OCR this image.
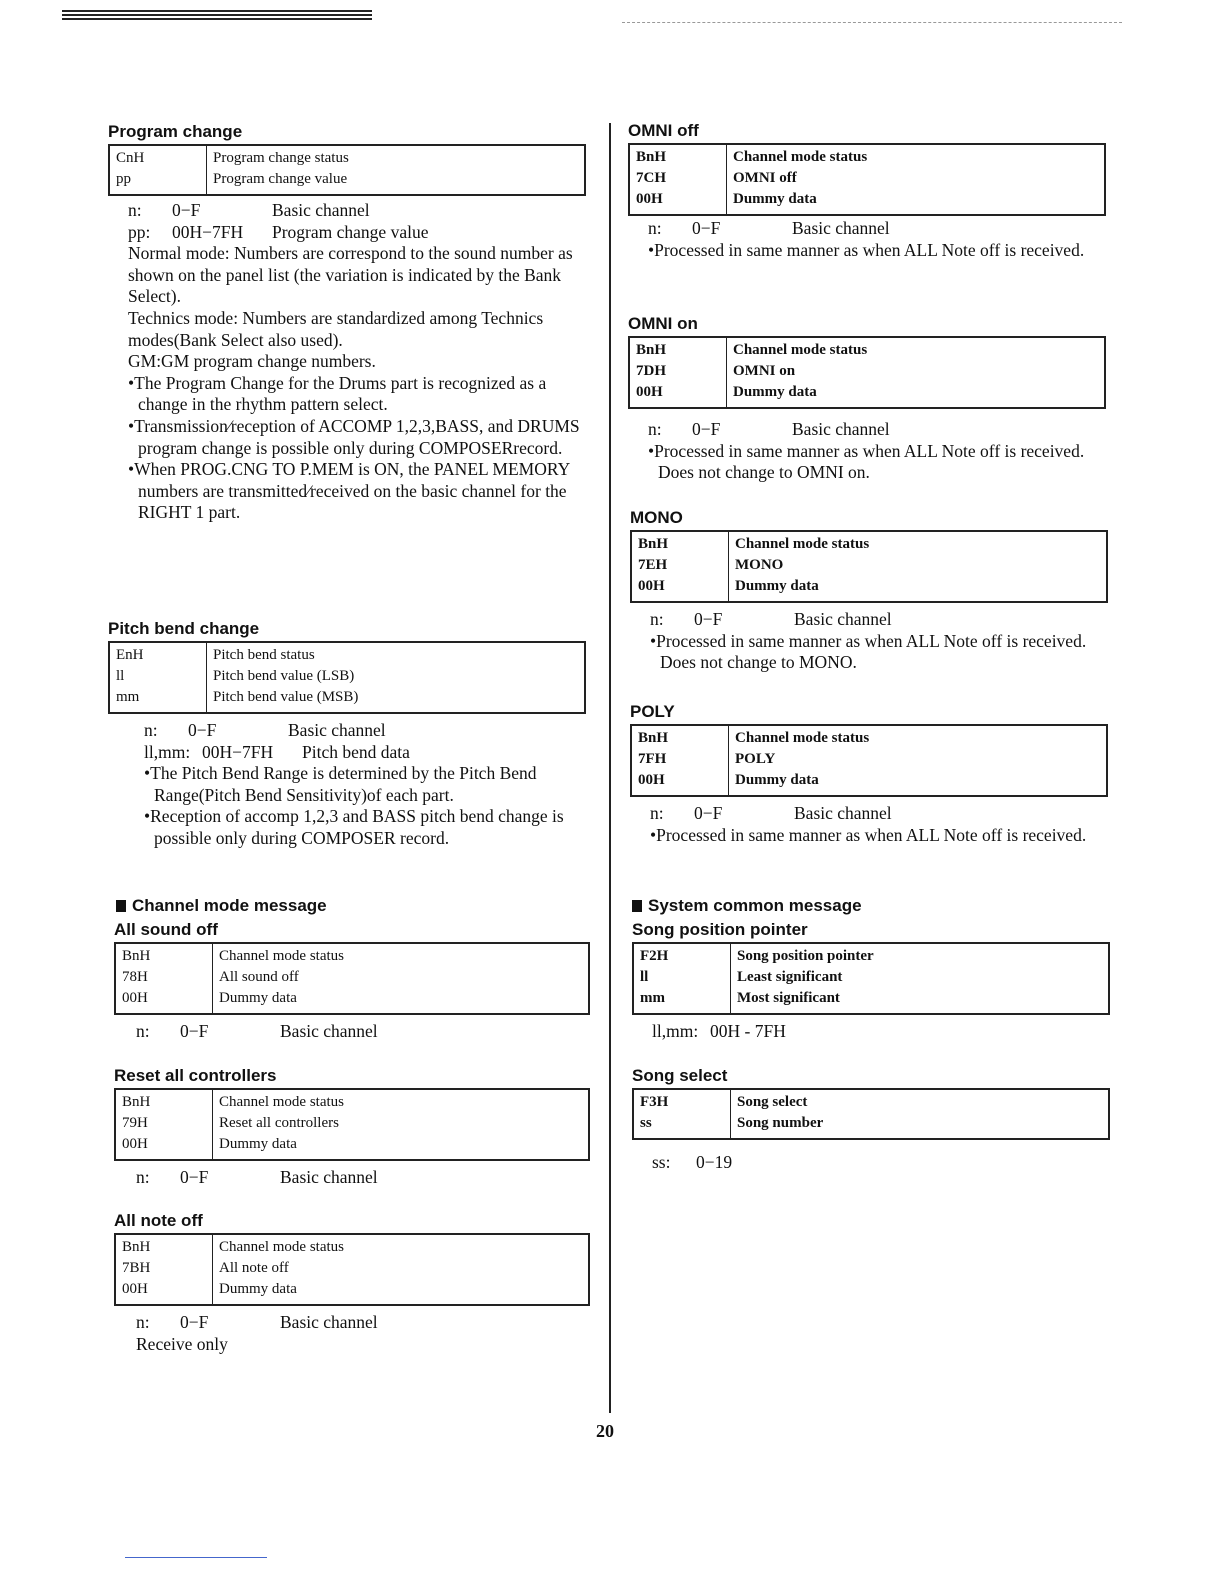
Program change
CnH	Program change status
pp	Program change value
n: 0−F	Basic channel
pp: 00H−7FH Program change value
Normal mode: Numbers are correspond to the sound number as shown on the panel list (the variation is indicated by the Bank Select).
Technics mode: Numbers are standardized among Technics modes(Bank Select also used).
GM:GM program change numbers.
•The Program Change for the Drums part is recognized as a change in the rhythm pattern select.
•Transmission∕reception of ACCOMP 1,2,3,BASS, and DRUMS program change is possible only during COMPOSERrecord.
•When PROG.CNG TO P.MEM is ON, the PANEL MEMORY numbers are transmitted∕received on the basic channel for the RIGHT 1 part.
Pitch bend change
EnH	Pitch bend status
ll	Pitch bend value (LSB)
mm	Pitch bend value (MSB)
n: 0−F	Basic channel
ll,mm: 00H−7FH Pitch bend data
•The Pitch Bend Range is determined by the Pitch Bend Range(Pitch Bend Sensitivity)of each part.
•Reception of accomp 1,2,3 and BASS pitch bend change is possible only during COMPOSER record.
Channel mode message
All sound off
BnH	Channel mode status
78H	All sound off
00H	Dummy data
n: 0−F	Basic channel
Reset all controllers
BnH	Channel mode status
79H	Reset all controllers
00H	Dummy data
n: 0−F	Basic channel
All note off
BnH	Channel mode status
7BH	All note off
00H	Dummy data
n: 0−F	Basic channel
Receive only
OMNI off
BnH	Channel mode status
7CH	OMNI off
00H	Dummy data
n: 0−F	Basic channel
•Processed in same manner as when ALL Note off is received.
OMNI on
BnH	Channel mode status
7DH	OMNI on
00H	Dummy data
n: 0−F	Basic channel
•Processed in same manner as when ALL Note off is received. Does not change to OMNI on.
MONO
BnH	Channel mode status
7EH	MONO
00H	Dummy data
n: 0−F	Basic channel
•Processed in same manner as when ALL Note off is received. Does not change to MONO.
POLY
BnH	Channel mode status
7FH	POLY
00H	Dummy data
n: 0−F	Basic channel
•Processed in same manner as when ALL Note off is received.
System common message
Song position pointer
F2H	Song position pointer
ll	Least significant
mm	Most significant
ll,mm: 00H - 7FH
Song select
F3H	Song select
ss	Song number
ss: 0−19
20
